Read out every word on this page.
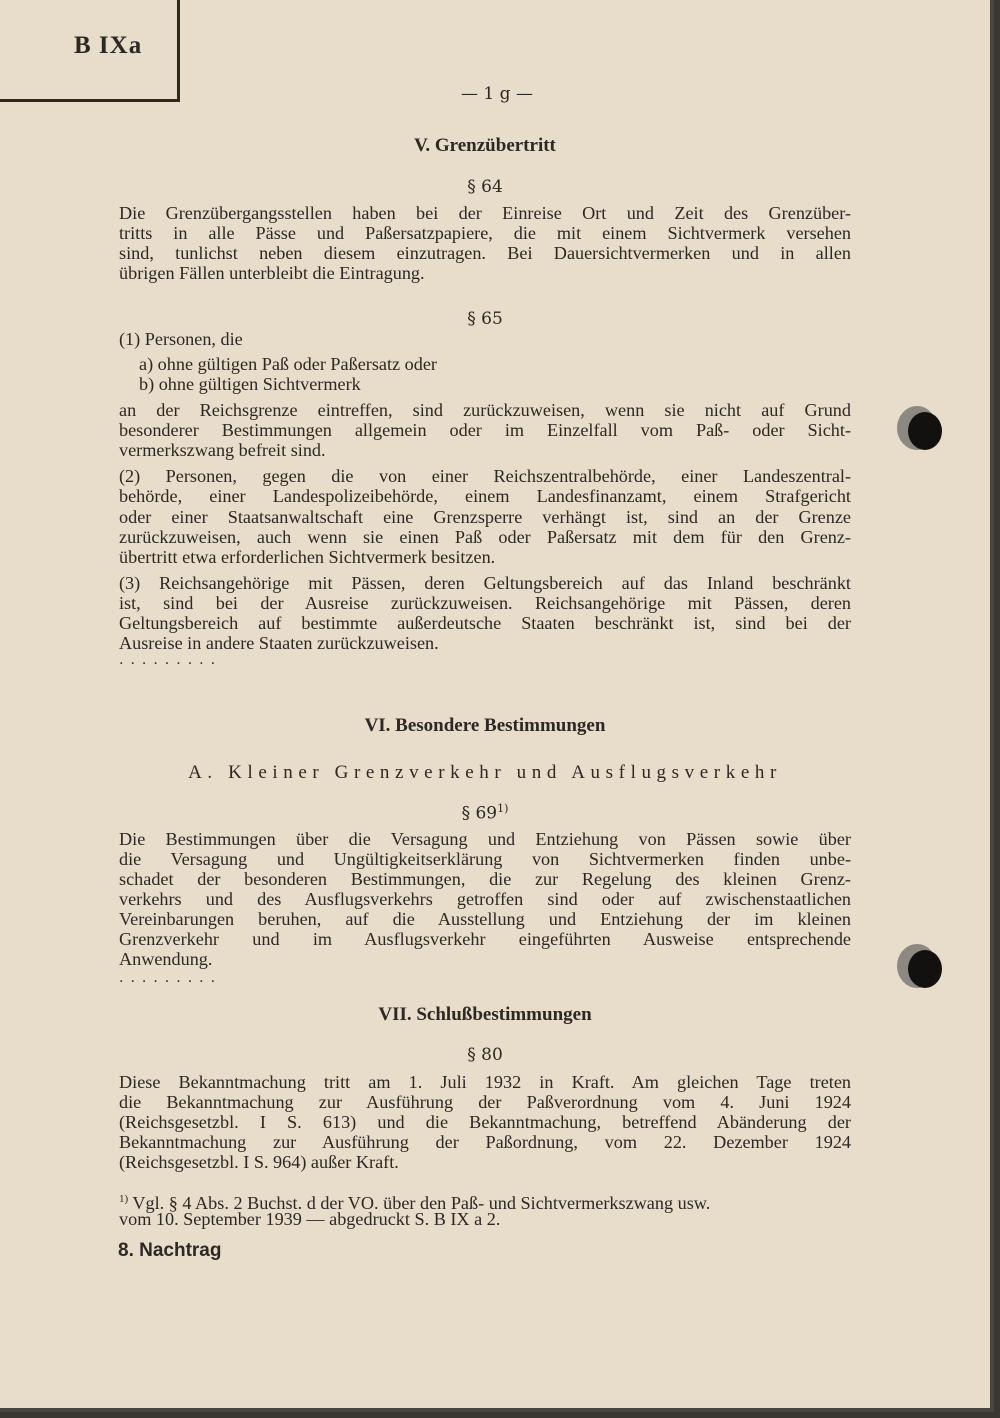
B IXa
— 1 g —
V. Grenzübertritt
§ 64
Die Grenzübergangsstellen haben bei der Einreise Ort und Zeit des Grenzüber-
tritts in alle Pässe und Paßersatzpapiere, die mit einem Sichtvermerk versehen
sind, tunlichst neben diesem einzutragen. Bei Dauersichtvermerken und in allen
übrigen Fällen unterbleibt die Eintragung.
§ 65
(1) Personen, die
a) ohne gültigen Paß oder Paßersatz oder
b) ohne gültigen Sichtvermerk
an der Reichsgrenze eintreffen, sind zurückzuweisen, wenn sie nicht auf Grund
besonderer Bestimmungen allgemein oder im Einzelfall vom Paß- oder Sicht-
vermerkszwang befreit sind.
(2) Personen, gegen die von einer Reichszentralbehörde, einer Landeszentral-
behörde, einer Landespolizeibehörde, einem Landesfinanzamt, einem Strafgericht
oder einer Staatsanwaltschaft eine Grenzsperre verhängt ist, sind an der Grenze
zurückzuweisen, auch wenn sie einen Paß oder Paßersatz mit dem für den Grenz-
übertritt etwa erforderlichen Sichtvermerk besitzen.
(3) Reichsangehörige mit Pässen, deren Geltungsbereich auf das Inland beschränkt
ist, sind bei der Ausreise zurückzuweisen. Reichsangehörige mit Pässen, deren
Geltungsbereich auf bestimmte außerdeutsche Staaten beschränkt ist, sind bei der
Ausreise in andere Staaten zurückzuweisen.
.........
VI. Besondere Bestimmungen
A. Kleiner Grenzverkehr und Ausflugsverkehr
§ 69$^{1)}$
Die Bestimmungen über die Versagung und Entziehung von Pässen sowie über
die Versagung und Ungültigkeitserklärung von Sichtvermerken finden unbe-
schadet der besonderen Bestimmungen, die zur Regelung des kleinen Grenz-
verkehrs und des Ausflugsverkehrs getroffen sind oder auf zwischenstaatlichen
Vereinbarungen beruhen, auf die Ausstellung und Entziehung der im kleinen
Grenzverkehr und im Ausflugsverkehr eingeführten Ausweise entsprechende
Anwendung.
.........
VII. Schlußbestimmungen
§ 80
Diese Bekanntmachung tritt am 1. Juli 1932 in Kraft. Am gleichen Tage treten
die Bekanntmachung zur Ausführung der Paßverordnung vom 4. Juni 1924
(Reichsgesetzbl. I S. 613) und die Bekanntmachung, betreffend Abänderung der
Bekanntmachung zur Ausführung der Paßordnung, vom 22. Dezember 1924
(Reichsgesetzbl. I S. 964) außer Kraft.
$^{1)}$ Vgl. § 4 Abs. 2 Buchst. d der VO. über den Paß- und Sichtvermerkszwang usw.
vom 10. September 1939 — abgedruckt S. B IX a 2.
8. Nachtrag
